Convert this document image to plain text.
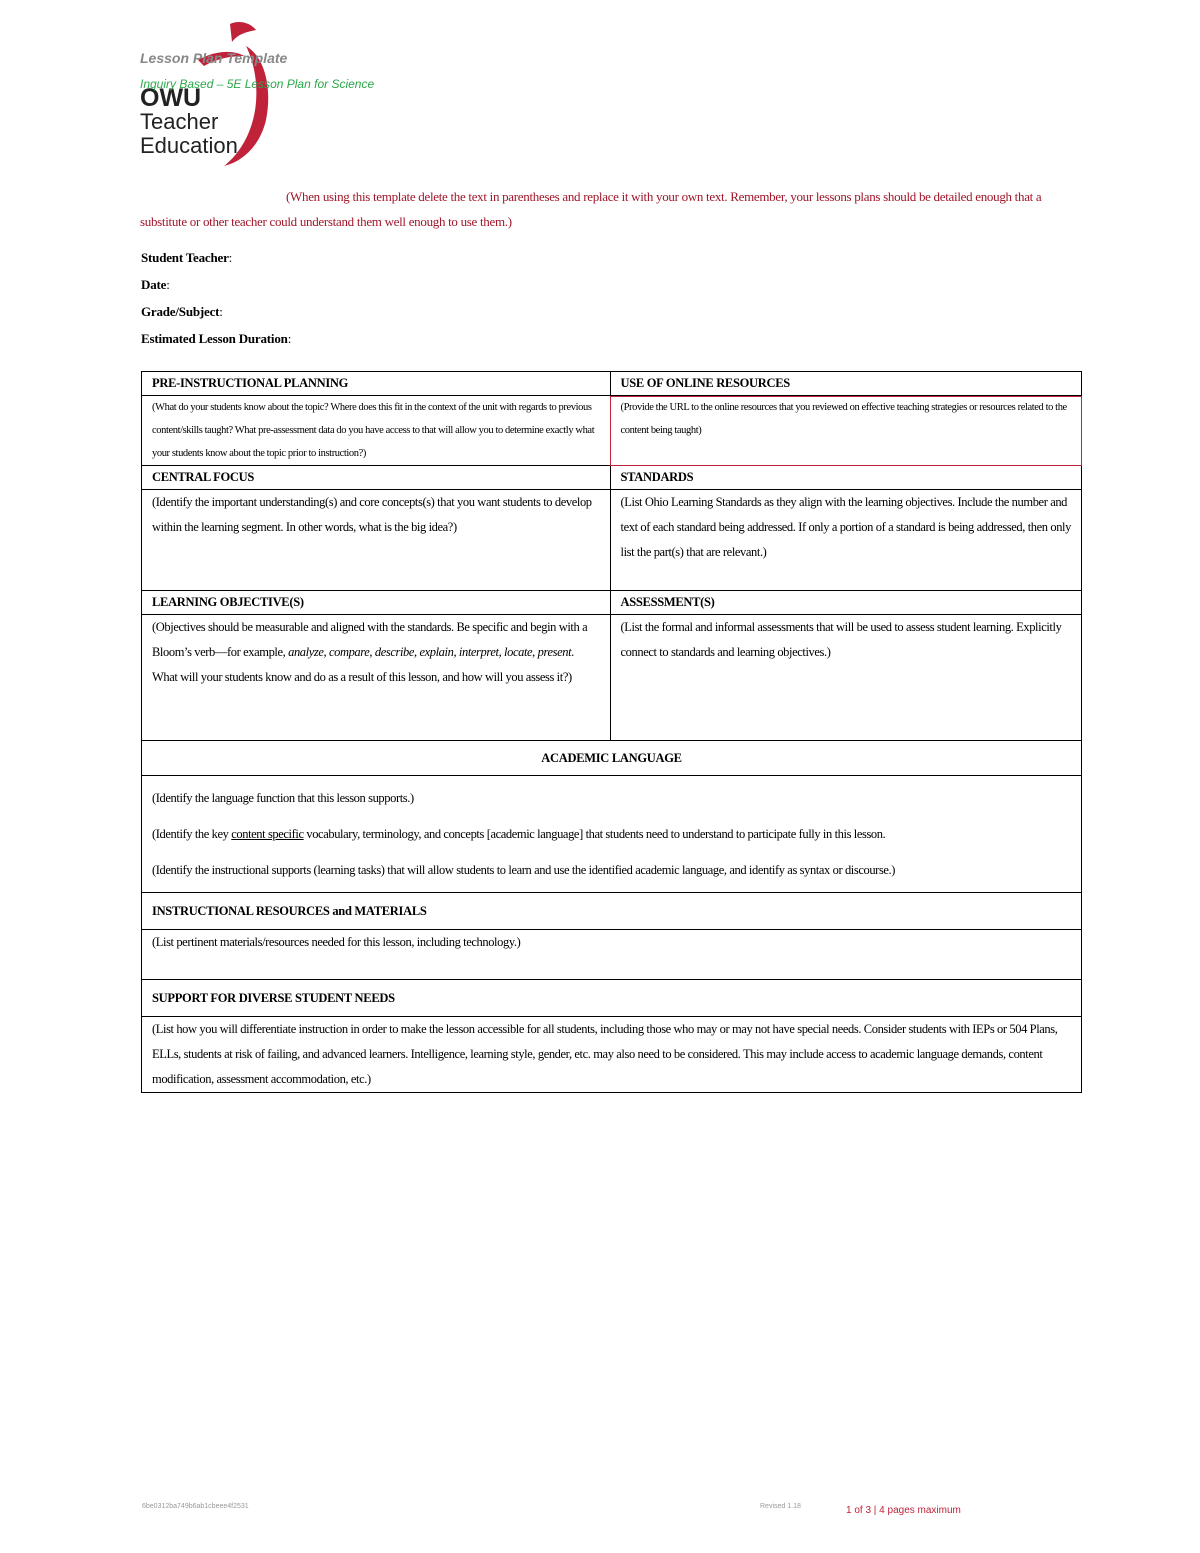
OWU
Teacher
Education
Lesson Plan Template
Inquiry Based – 5E Lesson Plan for Science
(When using this template delete the text in parentheses and replace it with your own text. Remember, your lessons plans should be detailed enough that a substitute or other teacher could understand them well enough to use them.)
Student Teacher:
Date:
Grade/Subject:
Estimated Lesson Duration:
PRE-INSTRUCTIONAL PLANNING	USE OF ONLINE RESOURCES

(What do your students know about the topic? Where does this fit in the context of the unit with regards to previous content/skills taught? What pre-assessment data do you have access to that will allow you to determine exactly what your students know about the topic prior to instruction?)	(Provide the URL to the online resources that you reviewed on effective teaching strategies or resources related to the content being taught)

CENTRAL FOCUS	STANDARDS

(Identify the important understanding(s) and core concepts(s) that you want students to develop within the learning segment. In other words, what is the big idea?)	(List Ohio Learning Standards as they align with the learning objectives. Include the number and text of each standard being addressed. If only a portion of a standard is being addressed, then only list the part(s) that are relevant.)

LEARNING OBJECTIVE(S)	ASSESSMENT(S)

(Objectives should be measurable and aligned with the standards. Be specific and begin with a Bloom’s verb—for example, analyze, compare, describe, explain, interpret, locate, present. What will your students know and do as a result of this lesson, and how will you assess it?)	(List the formal and informal assessments that will be used to assess student learning. Explicitly connect to standards and learning objectives.)

ACADEMIC LANGUAGE	

(Identify the language function that this lesson supports.)
(Identify the key content specific vocabulary, terminology, and concepts [academic language] that students need to understand to participate fully in this lesson.
(Identify the instructional supports (learning tasks) that will allow students to learn and use the identified academic language, and identify as syntax or discourse.)	

INSTRUCTIONAL RESOURCES and MATERIALS	

(List pertinent materials/resources needed for this lesson, including technology.)	

SUPPORT FOR DIVERSE STUDENT NEEDS	

(List how you will differentiate instruction in order to make the lesson accessible for all students, including those who may or may not have special needs. Consider students with IEPs or 504 Plans, ELLs, students at risk of failing, and advanced learners. Intelligence, learning style, gender, etc. may also need to be considered. This may include access to academic language demands, content modification, assessment accommodation, etc.)	
6be0312ba749b6ab1cbeee4f2531	Revised 1.18	1 of 3 | 4 pages maximum
